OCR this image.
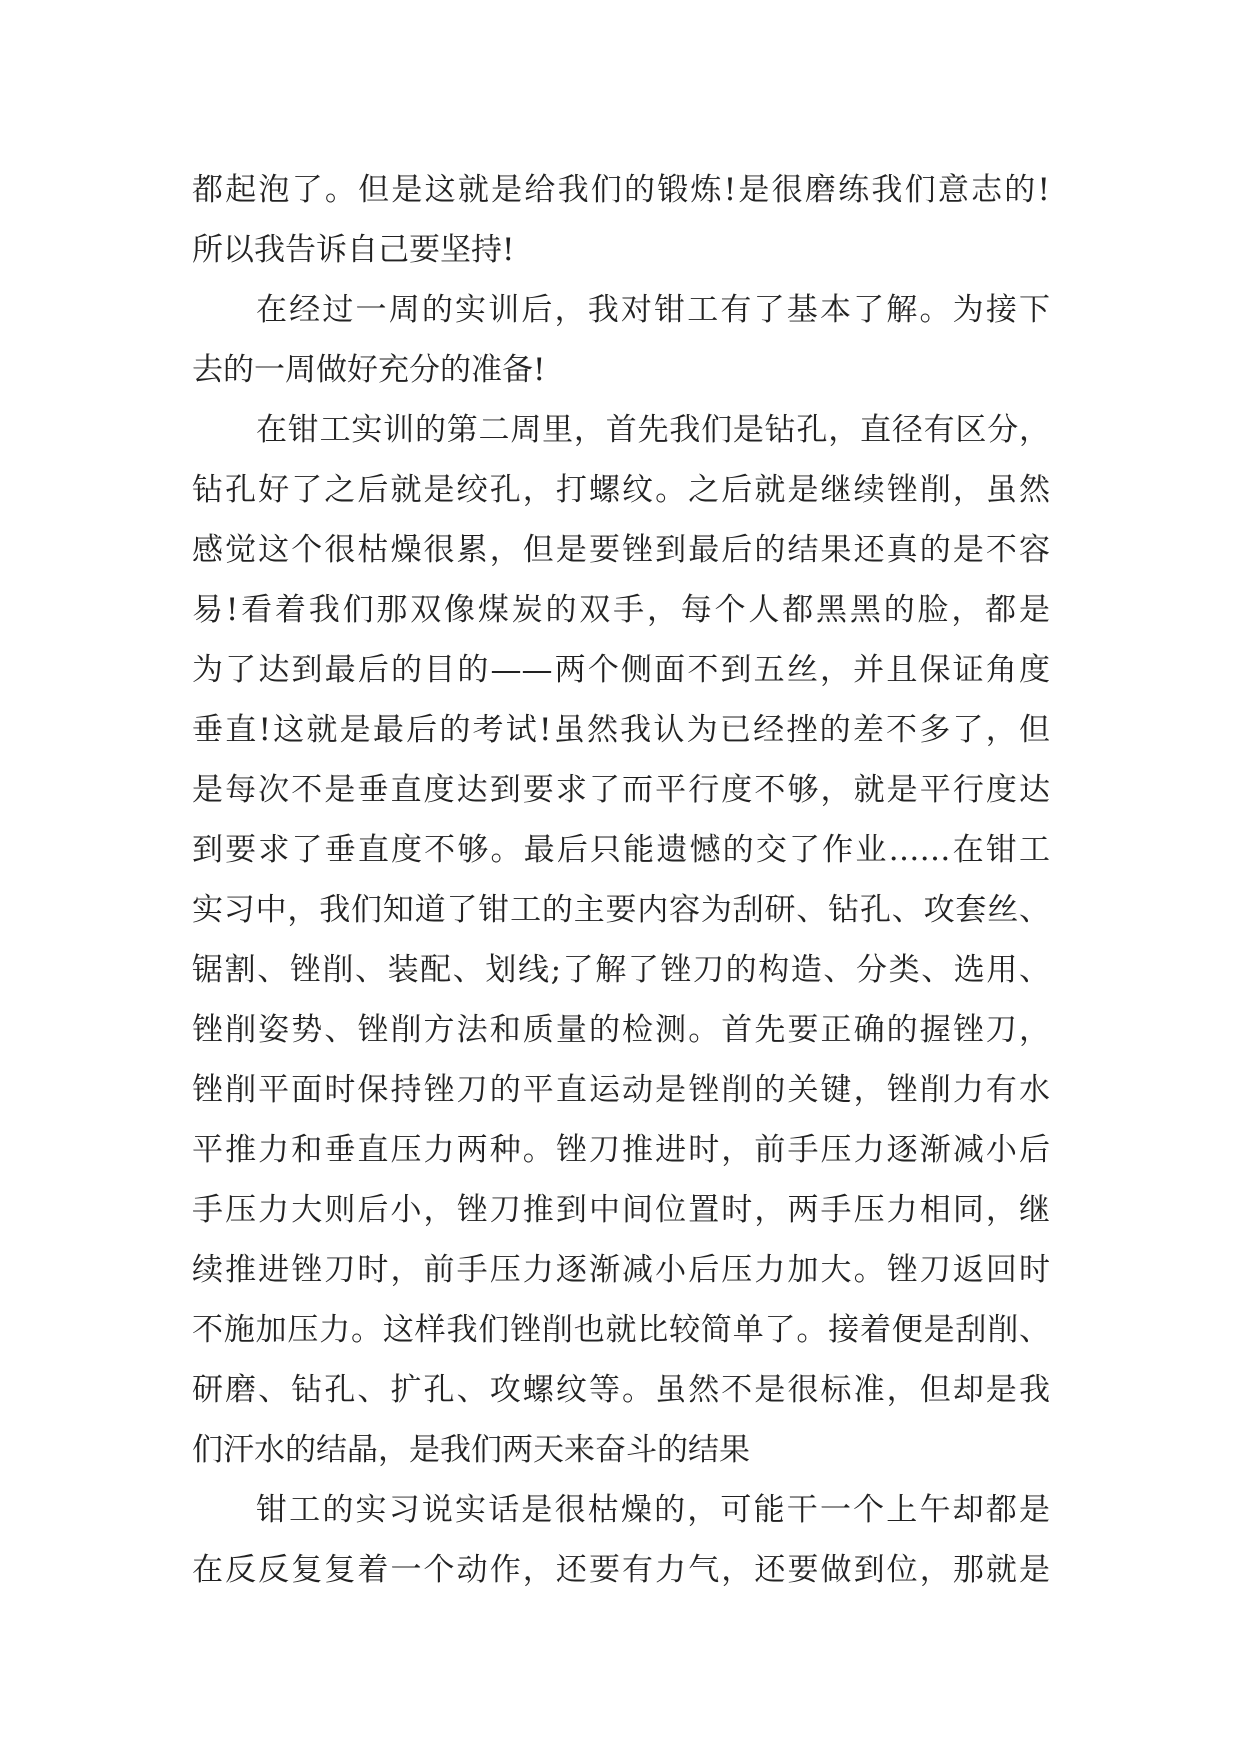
都起泡了。但是这就是给我们的锻炼!是很磨练我们意志的!
所以我告诉自己要坚持!
在经过一周的实训后，我对钳工有了基本了解。为接下
去的一周做好充分的准备!
在钳工实训的第二周里，首先我们是钻孔，直径有区分，
钻孔好了之后就是绞孔，打螺纹。之后就是继续锉削，虽然
感觉这个很枯燥很累，但是要锉到最后的结果还真的是不容
易!看着我们那双像煤炭的双手，每个人都黑黑的脸，都是
为了达到最后的目的——两个侧面不到五丝，并且保证角度
垂直!这就是最后的考试!虽然我认为已经挫的差不多了，但
是每次不是垂直度达到要求了而平行度不够，就是平行度达
到要求了垂直度不够。最后只能遗憾的交了作业……在钳工
实习中，我们知道了钳工的主要内容为刮研、钻孔、攻套丝、
锯割、锉削、装配、划线;了解了锉刀的构造、分类、选用、
锉削姿势、锉削方法和质量的检测。首先要正确的握锉刀，
锉削平面时保持锉刀的平直运动是锉削的关键，锉削力有水
平推力和垂直压力两种。锉刀推进时，前手压力逐渐减小后
手压力大则后小，锉刀推到中间位置时，两手压力相同，继
续推进锉刀时，前手压力逐渐减小后压力加大。锉刀返回时
不施加压力。这样我们锉削也就比较简单了。接着便是刮削、
研磨、钻孔、扩孔、攻螺纹等。虽然不是很标准，但却是我
们汗水的结晶，是我们两天来奋斗的结果
钳工的实习说实话是很枯燥的，可能干一个上午却都是
在反反复复着一个动作，还要有力气，还要做到位，那就是
